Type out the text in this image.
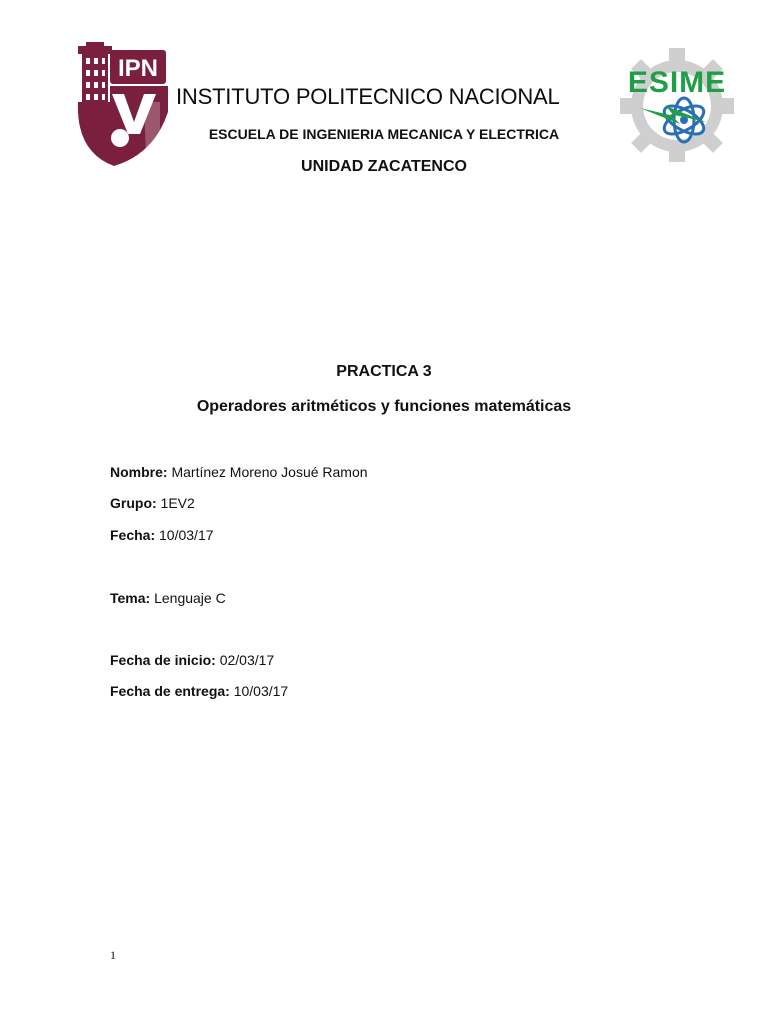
IPN	ESIME
INSTITUTO POLITECNICO NACIONAL
ESCUELA DE INGENIERIA MECANICA Y ELECTRICA
UNIDAD ZACATENCO
PRACTICA 3
Operadores aritméticos y funciones matemáticas
Nombre: Martínez Moreno Josué Ramon
Grupo: 1EV2
Fecha: 10/03/17
Tema: Lenguaje C
Fecha de inicio: 02/03/17
Fecha de entrega: 10/03/17
1
